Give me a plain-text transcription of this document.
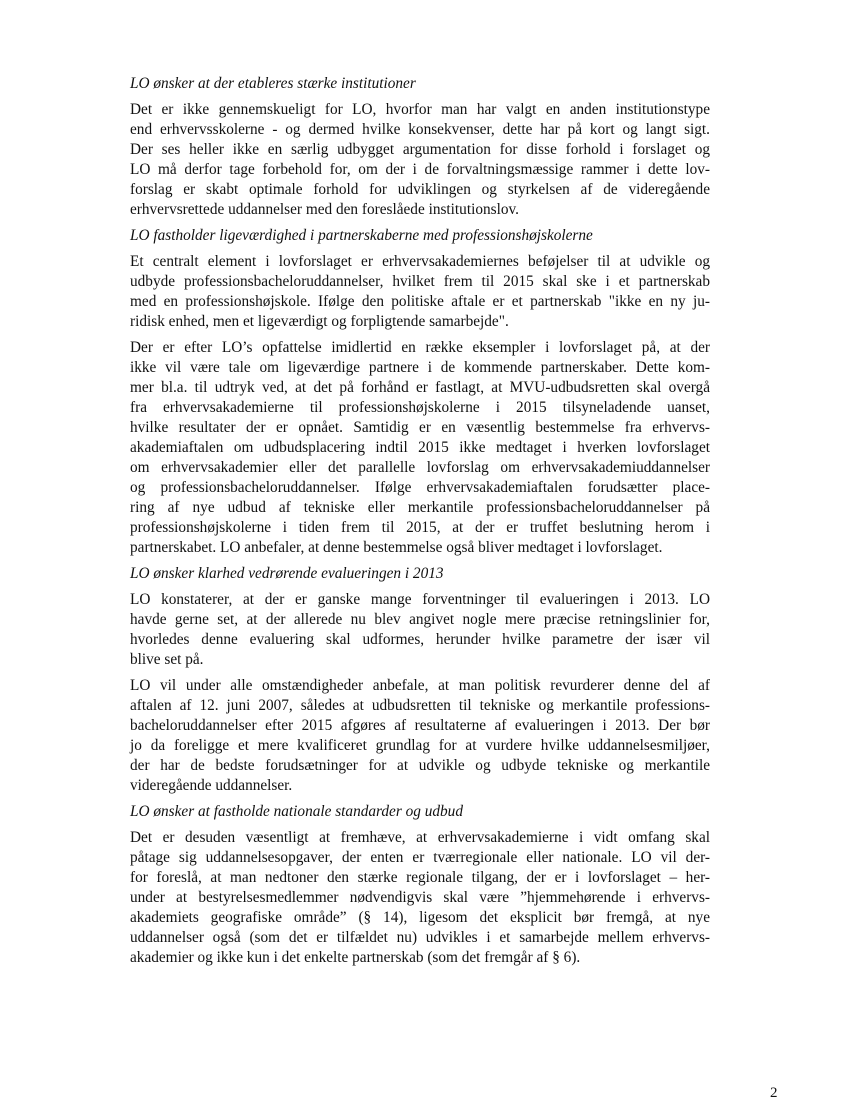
LO ønsker at der etableres stærke institutioner
Det er ikke gennemskueligt for LO, hvorfor man har valgt en anden institutionstype
end erhvervsskolerne - og dermed hvilke konsekvenser, dette har på kort og langt sigt.
Der ses heller ikke en særlig udbygget argumentation for disse forhold i forslaget og
LO må derfor tage forbehold for, om der i de forvaltningsmæssige rammer i dette lov-
forslag er skabt optimale forhold for udviklingen og styrkelsen af de videregående
erhvervsrettede uddannelser med den foreslåede institutionslov.
LO fastholder ligeværdighed i partnerskaberne med professionshøjskolerne
Et centralt element i lovforslaget er erhvervsakademiernes beføjelser til at udvikle og
udbyde professionsbacheloruddannelser, hvilket frem til 2015 skal ske i et partnerskab
med en professionshøjskole. Ifølge den politiske aftale er et partnerskab "ikke en ny ju-
ridisk enhed, men et ligeværdigt og forpligtende samarbejde".
Der er efter LO’s opfattelse imidlertid en række eksempler i lovforslaget på, at der
ikke vil være tale om ligeværdige partnere i de kommende partnerskaber. Dette kom-
mer bl.a. til udtryk ved, at det på forhånd er fastlagt, at MVU-udbudsretten skal overgå
fra erhvervsakademierne til professionshøjskolerne i 2015 tilsyneladende uanset,
hvilke resultater der er opnået. Samtidig er en væsentlig bestemmelse fra erhvervs-
akademiaftalen om udbudsplacering indtil 2015 ikke medtaget i hverken lovforslaget
om erhvervsakademier eller det parallelle lovforslag om erhvervsakademiuddannelser
og professionsbacheloruddannelser. Ifølge erhvervsakademiaftalen forudsætter place-
ring af nye udbud af tekniske eller merkantile professionsbacheloruddannelser på
professionshøjskolerne i tiden frem til 2015, at der er truffet beslutning herom i
partnerskabet. LO anbefaler, at denne bestemmelse også bliver medtaget i lovforslaget.
LO ønsker klarhed vedrørende evalueringen i 2013
LO konstaterer, at der er ganske mange forventninger til evalueringen i 2013. LO
havde gerne set, at der allerede nu blev angivet nogle mere præcise retningslinier for,
hvorledes denne evaluering skal udformes, herunder hvilke parametre der især vil
blive set på.
LO vil under alle omstændigheder anbefale, at man politisk revurderer denne del af
aftalen af 12. juni 2007, således at udbudsretten til tekniske og merkantile professions-
bacheloruddannelser efter 2015 afgøres af resultaterne af evalueringen i 2013. Der bør
jo da foreligge et mere kvalificeret grundlag for at vurdere hvilke uddannelsesmiljøer,
der har de bedste forudsætninger for at udvikle og udbyde tekniske og merkantile
videregående uddannelser.
LO ønsker at fastholde nationale standarder og udbud
Det er desuden væsentligt at fremhæve, at erhvervsakademierne i vidt omfang skal
påtage sig uddannelsesopgaver, der enten er tværregionale eller nationale. LO vil der-
for foreslå, at man nedtoner den stærke regionale tilgang, der er i lovforslaget – her-
under at bestyrelsesmedlemmer nødvendigvis skal være ”hjemmehørende i erhvervs-
akademiets geografiske område” (§ 14), ligesom det eksplicit bør fremgå, at nye
uddannelser også (som det er tilfældet nu) udvikles i et samarbejde mellem erhvervs-
akademier og ikke kun i det enkelte partnerskab (som det fremgår af § 6).
2
